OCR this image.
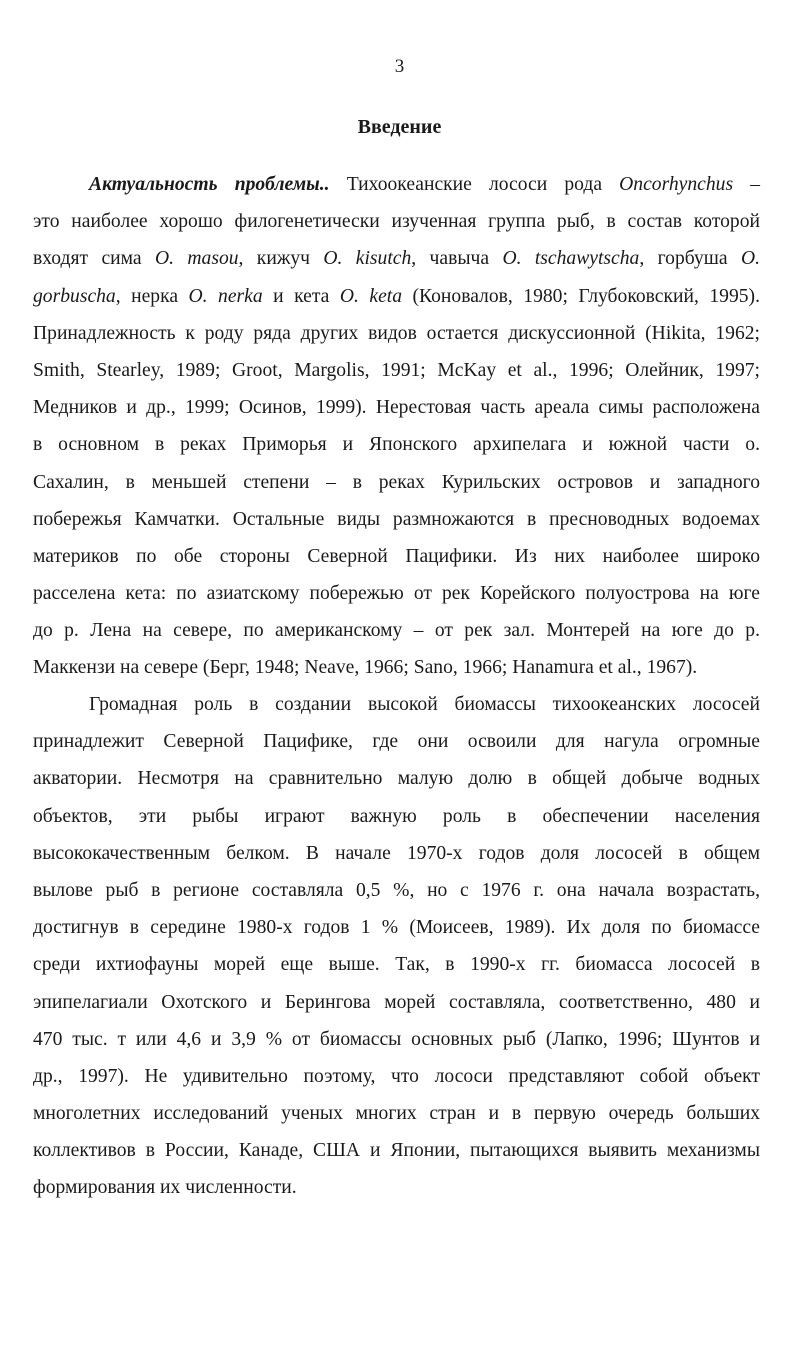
3
Введение
Актуальность проблемы.. Тихоокеанские лососи рода Oncorhynchus –
это наиболее хорошо филогенетически изученная группа рыб, в состав которой
входят сима O. masou, кижуч O. kisutch, чавыча O. tschawytscha, горбуша O.
gorbuscha, нерка O. nerka и кета O. keta (Коновалов, 1980; Глубоковский, 1995).
Принадлежность к роду ряда других видов остается дискуссионной (Hikita, 1962;
Smith, Stearley, 1989; Groot, Margolis, 1991; McKay et al., 1996; Олейник, 1997;
Медников и др., 1999; Осинов, 1999). Нерестовая часть ареала симы расположена
в основном в реках Приморья и Японского архипелага и южной части о.
Сахалин, в меньшей степени – в реках Курильских островов и западного
побережья Камчатки. Остальные виды размножаются в пресноводных водоемах
материков по обе стороны Северной Пацифики. Из них наиболее широко
расселена кета: по азиатскому побережью от рек Корейского полуострова на юге
до р. Лена на севере, по американскому – от рек зал. Монтерей на юге до р.
Маккензи на севере (Берг, 1948; Neave, 1966; Sano, 1966; Hanamura et al., 1967).
Громадная роль в создании высокой биомассы тихоокеанских лососей
принадлежит Северной Пацифике, где они освоили для нагула огромные
акватории. Несмотря на сравнительно малую долю в общей добыче водных
объектов, эти рыбы играют важную роль в обеспечении населения
высококачественным белком. В начале 1970-х годов доля лососей в общем
вылове рыб в регионе составляла 0,5 %, но с 1976 г. она начала возрастать,
достигнув в середине 1980-х годов 1 % (Моисеев, 1989). Их доля по биомассе
среди ихтиофауны морей еще выше. Так, в 1990-х гг. биомасса лососей в
эпипелагиали Охотского и Берингова морей составляла, соответственно, 480 и
470 тыс. т или 4,6 и 3,9 % от биомассы основных рыб (Лапко, 1996; Шунтов и
др., 1997). Не удивительно поэтому, что лососи представляют собой объект
многолетних исследований ученых многих стран и в первую очередь больших
коллективов в России, Канаде, США и Японии, пытающихся выявить механизмы
формирования их численности.
